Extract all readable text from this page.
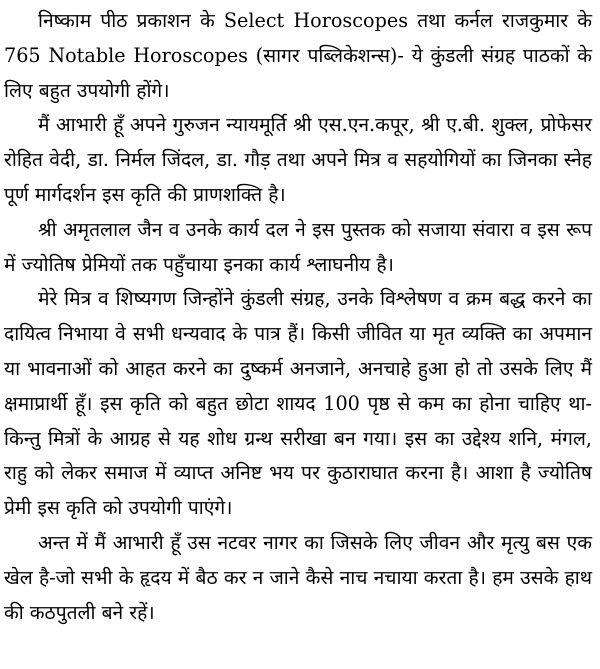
निष्काम पीठ प्रकाशन के Select Horoscopes तथा कर्नल राजकुमार के 765 Notable Horoscopes (सागर पब्लिकेशन्स)- ये कुंडली संग्रह पाठकों के लिए बहुत उपयोगी होंगे।

मैं आभारी हूँ अपने गुरुजन न्यायमूर्ति श्री एस.एन.कपूर, श्री ए.बी. शुक्ल, प्रोफेसर रोहित वेदी, डा. निर्मल जिंदल, डा. गौड़ तथा अपने मित्र व सहयोगियों का जिनका स्नेह पूर्ण मार्गदर्शन इस कृति की प्राणशक्ति है।

श्री अमृतलाल जैन व उनके कार्य दल ने इस पुस्तक को सजाया संवारा व इस रूप में ज्योतिष प्रेमियों तक पहुँचाया इनका कार्य श्लाघनीय है।

मेरे मित्र व शिष्यगण जिन्होंने कुंडली संग्रह, उनके विश्लेषण व क्रम बद्ध करने का दायित्व निभाया वे सभी धन्यवाद के पात्र हैं। किसी जीवित या मृत व्यक्ति का अपमान या भावनाओं को आहत करने का दुष्कर्म अनजाने, अनचाहे हुआ हो तो उसके लिए मैं क्षमाप्रार्थी हूँ। इस कृति को बहुत छोटा शायद 100 पृष्ठ से कम का होना चाहिए था-किन्तु मित्रों के आग्रह से यह शोध ग्रन्थ सरीखा बन गया। इस का उद्देश्य शनि, मंगल, राहु को लेकर समाज में व्याप्त अनिष्ट भय पर कुठाराघात करना है। आशा है ज्योतिष प्रेमी इस कृति को उपयोगी पाएंगे।

अन्त में मैं आभारी हूँ उस नटवर नागर का जिसके लिए जीवन और मृत्यु बस एक खेल है-जो सभी के हृदय में बैठ कर न जाने कैसे नाच नचाया करता है। हम उसके हाथ की कठपुतली बने रहें।
